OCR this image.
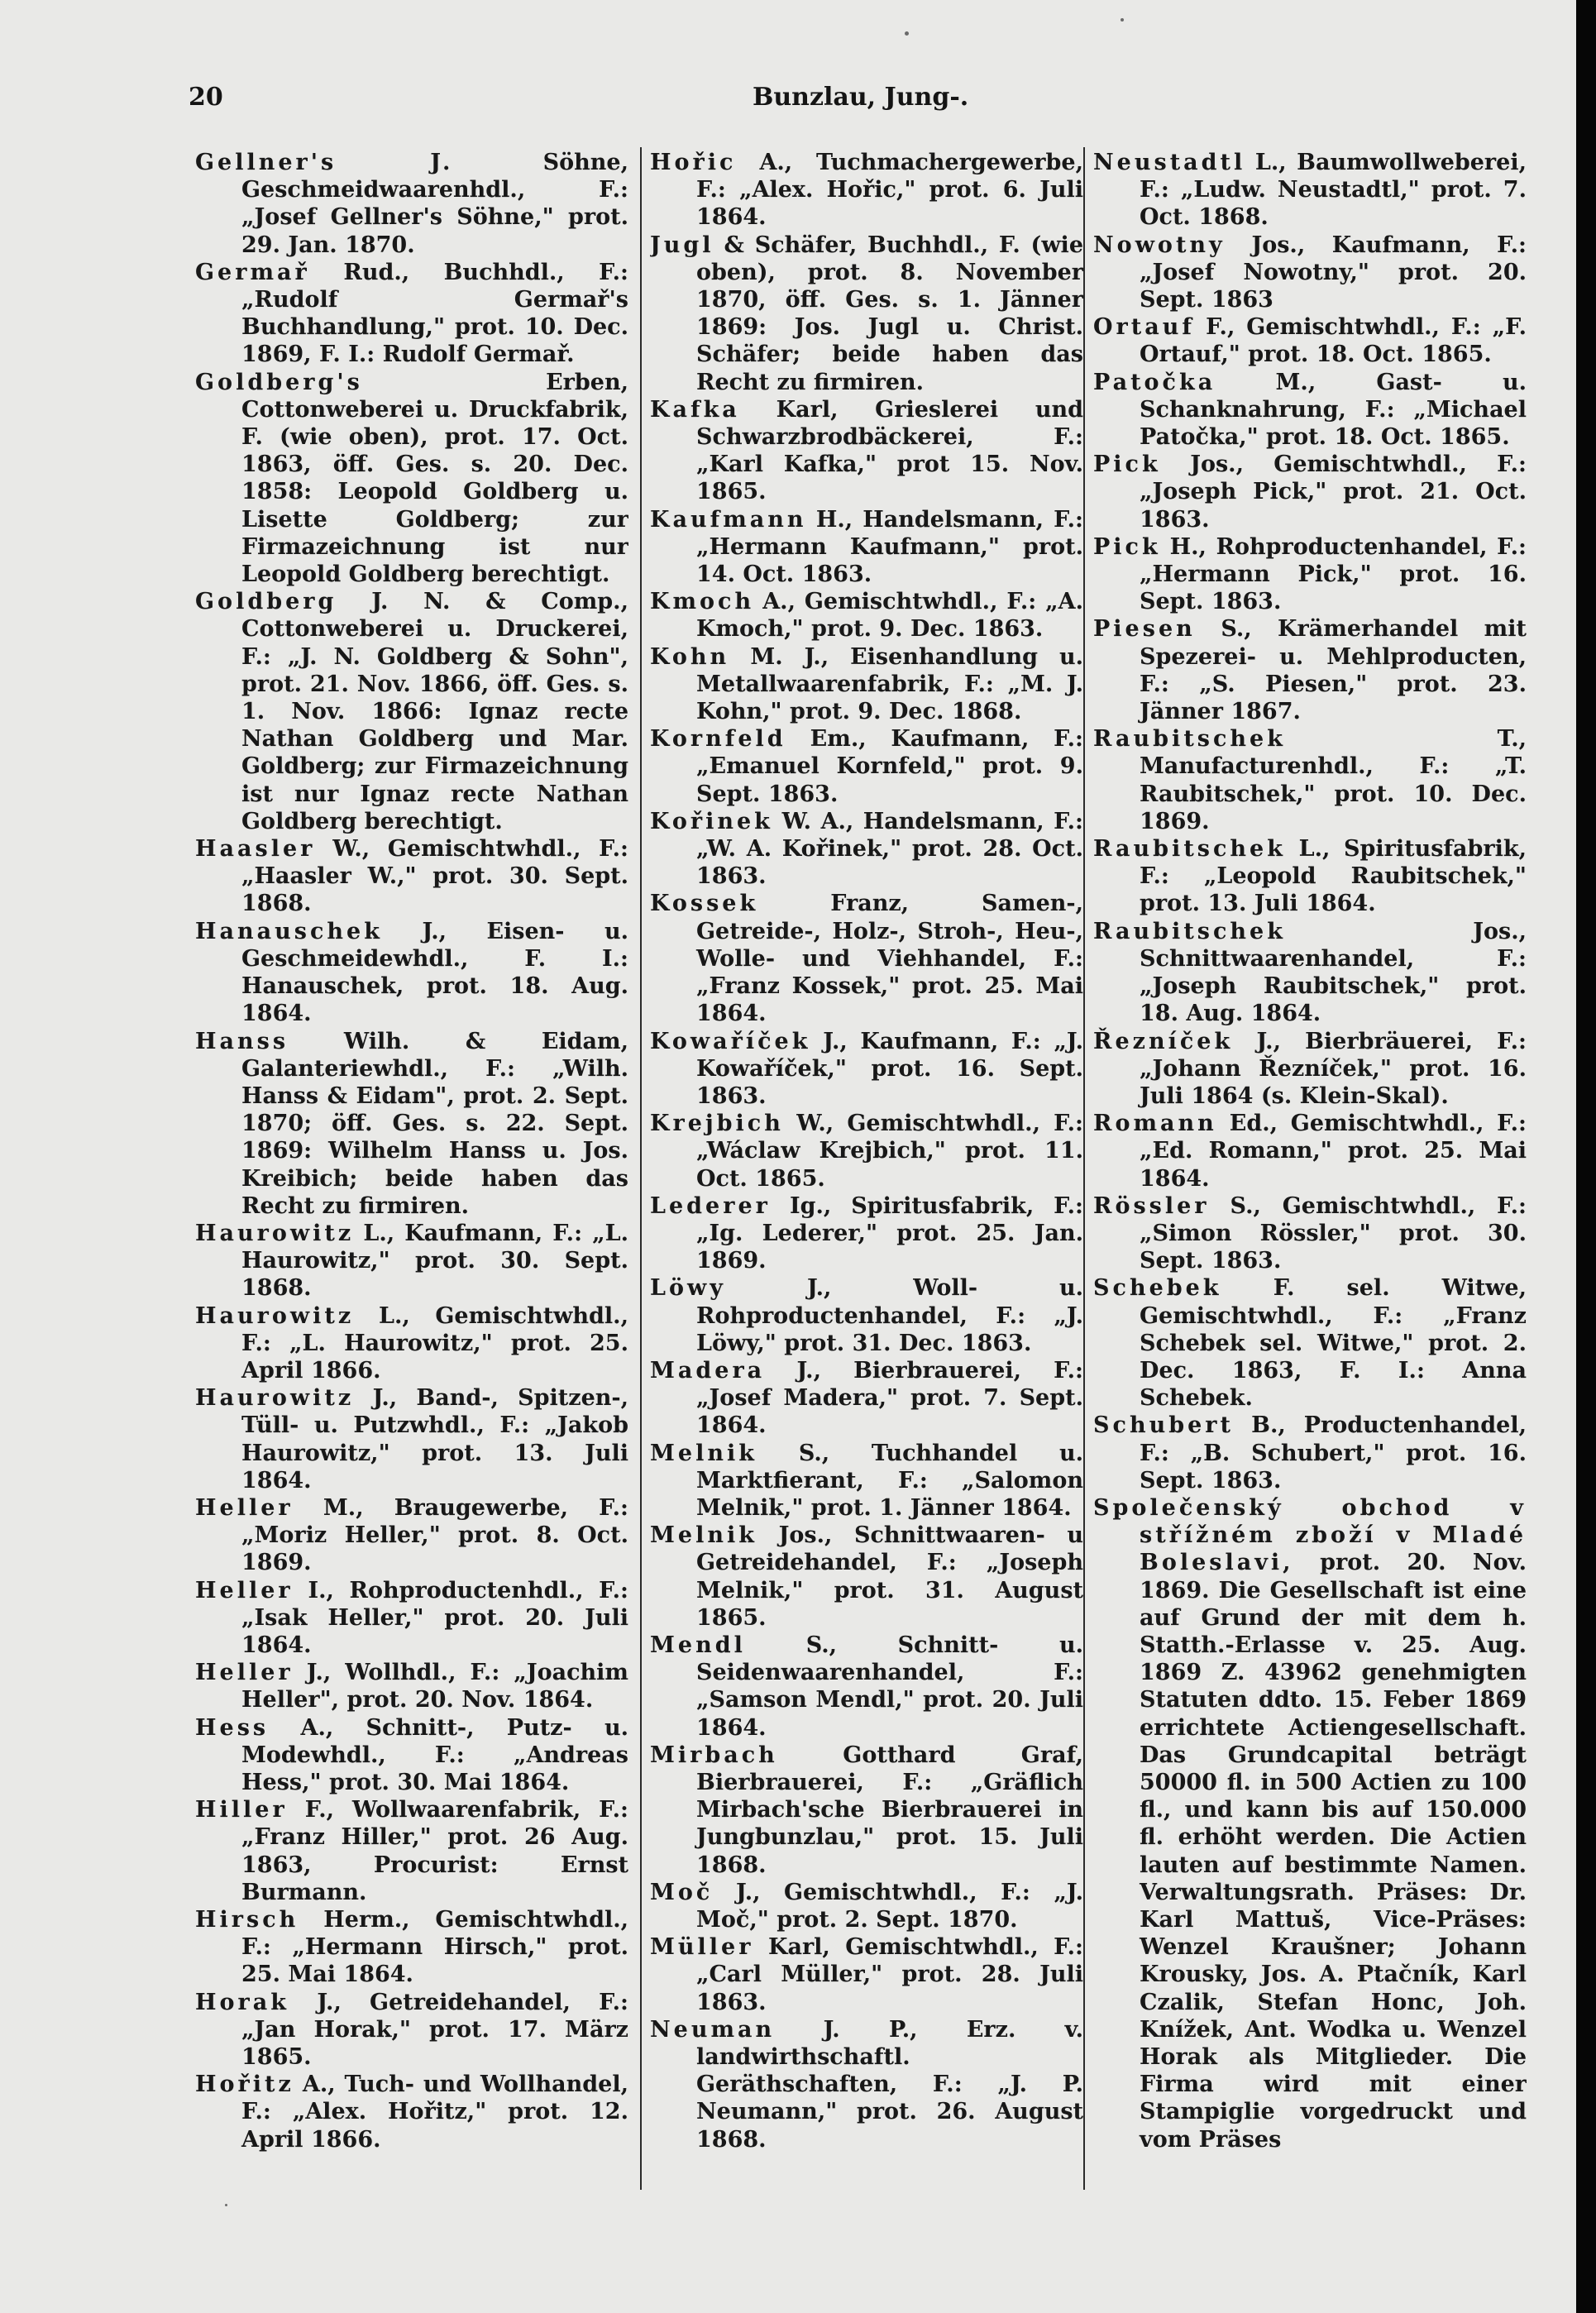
20	Bunzlau, Jung-.

Gellner's J.	Söhne, Geschmeidwaarenhdl., F.: „Josef Gellner's Söhne," prot. 29. Jan. 1870.

Germař Rud., Buchhdl., F.: „Rudolf Germař's Buchhandlung," prot. 10. Dec. 1869, F. I.: Rudolf Germař.

Goldberg's	Erben, Cottonweberei u. Druckfabrik, F. (wie oben), prot. 17. Oct. 1863, öff. Ges. s. 20. Dec. 1858: Leopold Goldberg u. Lisette Goldberg; zur Firmazeichnung ist nur Leopold Goldberg berechtigt.

Goldberg J. N. & Comp., Cottonweberei u. Druckerei, F.: „J. N. Goldberg & Sohn", prot. 21. Nov. 1866, öff. Ges. s. 1. Nov. 1866: Ignaz recte Nathan Goldberg und Mar. Goldberg; zur Firmazeichnung ist nur Ignaz recte Nathan Goldberg berechtigt.

Haasler W., Gemischtwhdl., F.: „Haasler W.," prot. 30. Sept. 1868.

Hanauschek J., Eisen- u. Geschmeidewhdl., F. I.: Hanauschek, prot. 18. Aug. 1864.

Hanss Wilh. & Eidam, Galanteriewhdl., F.: „Wilh. Hanss & Eidam", prot. 2. Sept. 1870; öff. Ges. s. 22. Sept. 1869: Wilhelm Hanss u. Jos. Kreibich; beide haben das Recht zu firmiren.

Haurowitz L., Kaufmann, F.: „L. Haurowitz," prot. 30. Sept. 1868.

Haurowitz L., Gemischtwhdl., F.: „L. Haurowitz," prot. 25. April 1866.

Haurowitz J., Band-, Spitzen-, Tüll- u. Putzwhdl., F.: „Jakob Haurowitz," prot. 13. Juli 1864.

Heller M., Braugewerbe, F.: „Moriz Heller," prot. 8. Oct. 1869.

Heller I., Rohproductenhdl., F.: „Isak Heller," prot. 20. Juli 1864.

Heller J., Wollhdl., F.: „Joachim Heller", prot. 20. Nov. 1864.

Hess A., Schnitt-, Putz- u. Modewhdl., F.: „Andreas Hess," prot. 30. Mai 1864.

Hiller F., Wollwaarenfabrik, F.: „Franz Hiller," prot. 26 Aug. 1863, Procurist: Ernst Burmann.

Hirsch Herm., Gemischtwhdl., F.: „Hermann Hirsch," prot. 25. Mai 1864.

Horak J., Getreidehandel, F.: „Jan Horak," prot. 17. März 1865.

Hořitz A., Tuch- und Wollhandel, F.: „Alex. Hořitz," prot. 12. April 1866.

Hořic A., Tuchmachergewerbe, F.: „Alex. Hořic," prot. 6. Juli 1864.

Jugl & Schäfer, Buchhdl., F. (wie oben), prot. 8. November 1870, öff. Ges. s. 1. Jänner 1869: Jos. Jugl u. Christ. Schäfer; beide haben das Recht zu firmiren.

Kafka Karl, Grieslerei und Schwarzbrodbäckerei, F.: „Karl Kafka," prot 15. Nov. 1865.

Kaufmann H., Handelsmann, F.: „Hermann Kaufmann," prot. 14. Oct. 1863.

Kmoch A., Gemischtwhdl., F.: „A. Kmoch," prot. 9. Dec. 1863.

Kohn M. J., Eisenhandlung u. Metallwaarenfabrik, F.: „M. J. Kohn," prot. 9. Dec. 1868.

Kornfeld Em., Kaufmann, F.: „Emanuel Kornfeld," prot. 9. Sept. 1863.

Kořinek W. A., Handelsmann, F.: „W. A. Kořinek," prot. 28. Oct. 1863.

Kossek	Franz, Samen-, Getreide-, Holz-, Stroh-, Heu-, Wolle- und Viehhandel, F.: „Franz Kossek," prot. 25. Mai 1864.

Kowaříček J., Kaufmann, F.: „J. Kowaříček," prot. 16. Sept. 1863.

Krejbich W., Gemischtwhdl., F.: „Wáclaw Krejbich," prot. 11. Oct. 1865.

Lederer Ig., Spiritusfabrik, F.: „Ig. Lederer," prot. 25. Jan. 1869.

Löwy	J., Woll- u. Rohproductenhandel, F.: „J. Löwy," prot. 31. Dec. 1863.

Madera J., Bierbrauerei, F.: „Josef Madera," prot. 7. Sept. 1864.

Melnik S., Tuchhandel u. Marktfierant, F.: „Salomon Melnik," prot. 1. Jänner 1864.

Melnik Jos., Schnittwaaren- u Getreidehandel, F.: „Joseph Melnik," prot. 31. August 1865.

Mendl	S., Schnitt- u. Seidenwaarenhandel, F.: „Samson Mendl," prot. 20. Juli 1864.

Mirbach	Gotthard Graf, Bierbrauerei, F.: „Gräflich Mirbach'sche Bierbrauerei in Jungbunzlau," prot. 15. Juli 1868.

Moč J., Gemischtwhdl., F.: „J. Moč," prot. 2. Sept. 1870.

Müller Karl, Gemischtwhdl., F.: „Carl Müller," prot. 28. Juli 1863.

Neuman J. P., Erz. v. landwirthschaftl. Geräthschaften, F.: „J. P. Neumann," prot. 26. August 1868.

Neustadtl L., Baumwollweberei, F.: „Ludw. Neustadtl," prot. 7. Oct. 1868.

Nowotny Jos., Kaufmann, F.: „Josef Nowotny," prot. 20. Sept. 1863

Ortauf F., Gemischtwhdl., F.: „F. Ortauf," prot. 18. Oct. 1865.

Patočka	M., Gast- u. Schanknahrung, F.: „Michael Patočka," prot. 18. Oct. 1865.

Pick Jos., Gemischtwhdl., F.: „Joseph Pick," prot. 21. Oct. 1863.

Pick H., Rohproductenhandel, F.: „Hermann Pick," prot. 16. Sept. 1863.

Piesen S., Krämerhandel mit Spezerei- u. Mehlproducten, F.: „S. Piesen," prot. 23. Jänner 1867.

Raubitschek	T., Manufacturenhdl., F.: „T. Raubitschek," prot. 10. Dec. 1869.

Raubitschek L., Spiritusfabrik, F.: „Leopold Raubitschek," prot. 13. Juli 1864.

Raubitschek	Jos., Schnittwaarenhandel, F.: „Joseph Raubitschek," prot. 18. Aug. 1864.

Řezníček J., Bierbräuerei, F.: „Johann Řezníček," prot. 16. Juli 1864 (s. Klein-Skal).

Romann Ed., Gemischtwhdl., F.: „Ed. Romann," prot. 25. Mai 1864.

Rössler S., Gemischtwhdl., F.: „Simon Rössler," prot. 30. Sept. 1863.

Schebek F. sel. Witwe, Gemischtwhdl., F.: „Franz Schebek sel. Witwe," prot. 2. Dec. 1863, F. I.: Anna Schebek.

Schubert B., Productenhandel, F.: „B. Schubert," prot. 16. Sept. 1863.

Společenský obchod v střížném zboží v Mladé Boleslavi, prot. 20. Nov. 1869. Die Gesellschaft ist eine auf Grund der mit dem h. Statth.-Erlasse v. 25. Aug. 1869 Z. 43962 genehmigten Statuten ddto. 15. Feber 1869 errichtete Actiengesellschaft. Das Grundcapital beträgt 50000 fl. in 500 Actien zu 100 fl., und kann bis auf 150.000 fl. erhöht werden. Die Actien lauten auf bestimmte Namen. Verwaltungsrath. Präses: Dr. Karl Mattuš, Vice-Präses: Wenzel Kraušner; Johann Krousky, Jos. A. Ptačník, Karl Czalik, Stefan Honc, Joh. Knížek, Ant. Wodka u. Wenzel Horak als Mitglieder. Die Firma wird mit einer Stampiglie vorgedruckt und vom Präses
